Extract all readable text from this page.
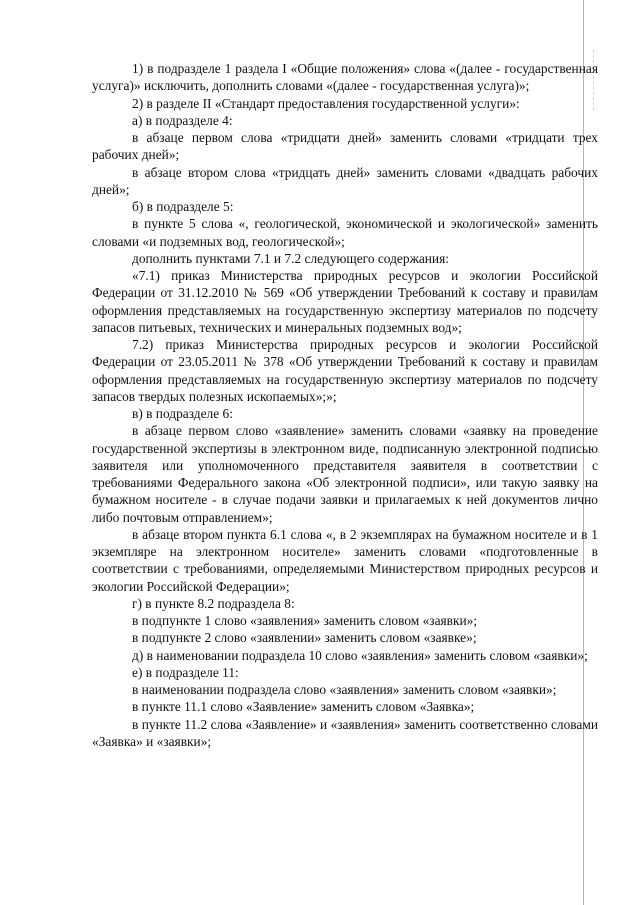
1) в подразделе 1 раздела I «Общие положения» слова «(далее - государственная услуга)» исключить, дополнить словами «(далее - государственная услуга)»;

2) в разделе II «Стандарт предоставления государственной услуги»:

а) в подразделе 4:

в абзаце первом слова «тридцати дней» заменить словами «тридцати трех рабочих дней»;

в абзаце втором слова «тридцать дней» заменить словами «двадцать рабочих дней»;

б) в подразделе 5:

в пункте 5 слова «, геологической, экономической и экологической» заменить словами «и подземных вод, геологической»;

дополнить пунктами 7.1 и 7.2 следующего содержания:

«7.1) приказ Министерства природных ресурсов и экологии Российской Федерации от 31.12.2010 № 569 «Об утверждении Требований к составу и правилам оформления представляемых на государственную экспертизу материалов по подсчету запасов питьевых, технических и минеральных подземных вод»;

7.2) приказ Министерства природных ресурсов и экологии Российской Федерации от 23.05.2011 № 378 «Об утверждении Требований к составу и правилам оформления представляемых на государственную экспертизу материалов по подсчету запасов твердых полезных ископаемых»;»;

в) в подразделе 6:

в абзаце первом слово «заявление» заменить словами «заявку на проведение государственной экспертизы в электронном виде, подписанную электронной подписью заявителя или уполномоченного представителя заявителя в соответствии с требованиями Федерального закона «Об электронной подписи», или такую заявку на бумажном носителе - в случае подачи заявки и прилагаемых к ней документов лично либо почтовым отправлением»;

в абзаце втором пункта 6.1 слова «, в 2 экземплярах на бумажном носителе и в 1 экземпляре на электронном носителе» заменить словами «подготовленные в соответствии с требованиями, определяемыми Министерством природных ресурсов и экологии Российской Федерации»;

г) в пункте 8.2 подраздела 8:

в подпункте 1 слово «заявления» заменить словом «заявки»;

в подпункте 2 слово «заявлении» заменить словом «заявке»;

д) в наименовании подраздела 10 слово «заявления» заменить словом «заявки»;

е) в подразделе 11:

в наименовании подраздела слово «заявления» заменить словом «заявки»;

в пункте 11.1 слово «Заявление» заменить словом «Заявка»;

в пункте 11.2 слова «Заявление» и «заявления» заменить соответственно словами «Заявка» и «заявки»;
